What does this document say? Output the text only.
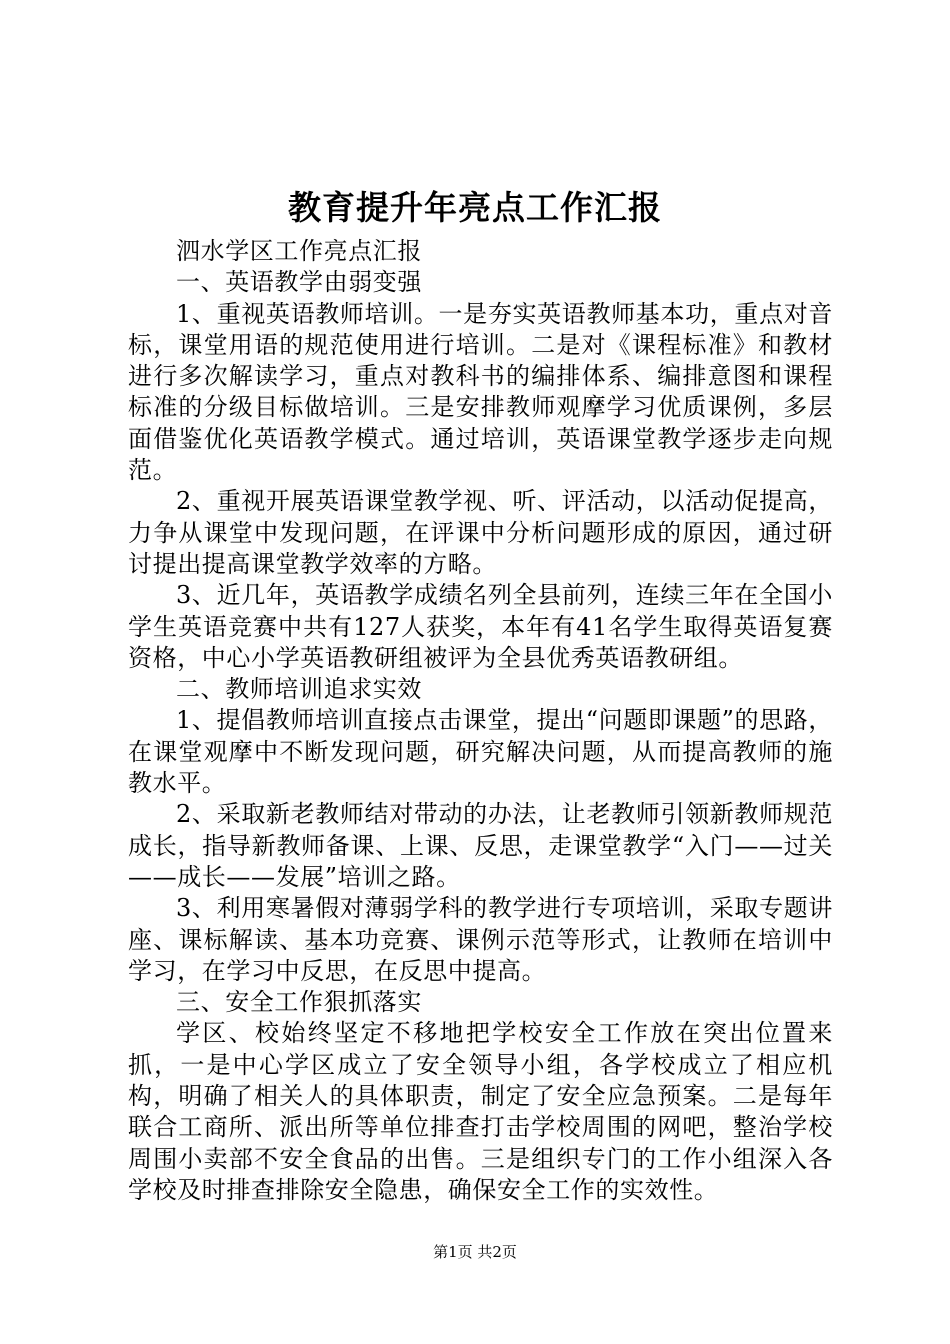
教育提升年亮点工作汇报

泗水学区工作亮点汇报

一、英语教学由弱变强

1、重视英语教师培训。一是夯实英语教师基本功，重点对音标，课堂用语的规范使用进行培训。二是对《课程标准》和教材进行多次解读学习，重点对教科书的编排体系、编排意图和课程标准的分级目标做培训。三是安排教师观摩学习优质课例，多层面借鉴优化英语教学模式。通过培训，英语课堂教学逐步走向规范。

2、重视开展英语课堂教学视、听、评活动，以活动促提高，力争从课堂中发现问题，在评课中分析问题形成的原因，通过研讨提出提高课堂教学效率的方略。

3、近几年，英语教学成绩名列全县前列，连续三年在全国小学生英语竞赛中共有127人获奖，本年有41名学生取得英语复赛资格，中心小学英语教研组被评为全县优秀英语教研组。

二、教师培训追求实效

1、提倡教师培训直接点击课堂，提出“问题即课题”的思路，在课堂观摩中不断发现问题，研究解决问题，从而提高教师的施教水平。

2、采取新老教师结对带动的办法，让老教师引领新教师规范成长，指导新教师备课、上课、反思，走课堂教学“入门——过关——成长——发展”培训之路。

3、利用寒暑假对薄弱学科的教学进行专项培训，采取专题讲座、课标解读、基本功竞赛、课例示范等形式，让教师在培训中学习，在学习中反思，在反思中提高。

三、安全工作狠抓落实

学区、校始终坚定不移地把学校安全工作放在突出位置来抓，一是中心学区成立了安全领导小组，各学校成立了相应机构，明确了相关人的具体职责，制定了安全应急预案。二是每年联合工商所、派出所等单位排查打击学校周围的网吧，整治学校周围小卖部不安全食品的出售。三是组织专门的工作小组深入各学校及时排查排除安全隐患，确保安全工作的实效性。

第1页 共2页
